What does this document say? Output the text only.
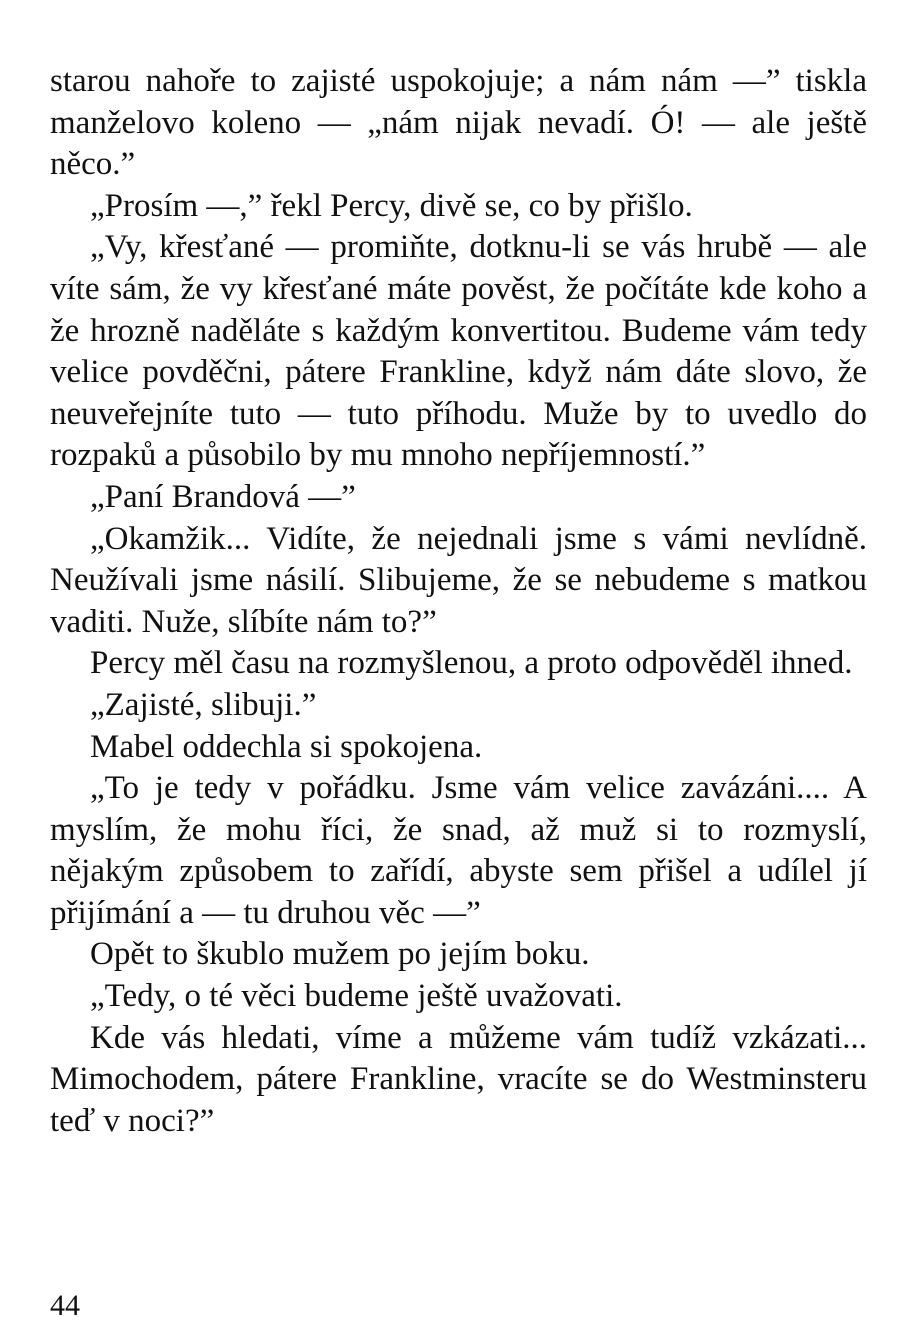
starou nahoře to zajisté uspokojuje; a nám nám —” tiskla manželovo koleno — „nám nijak nevadí. Ó! — ale ještě něco.”

„Prosím —,” řekl Percy, divě se, co by přišlo.

„Vy, křesťané — promiňte, dotknu-li se vás hrubě — ale víte sám, že vy křesťané máte pověst, že počítáte kde koho a že hrozně naděláte s každým konvertitou. Budeme vám tedy velice povděčni, pátere Frankline, když nám dáte slovo, že neuveřejníte tuto — tuto příhodu. Muže by to uvedlo do rozpaků a působilo by mu mnoho nepříjemností.”

„Paní Brandová —”

„Okamžik... Vidíte, že nejednali jsme s vámi nevlídně. Neužívali jsme násilí. Slibujeme, že se nebudeme s matkou vaditi. Nuže, slíbíte nám to?”

Percy měl času na rozmyšlenou, a proto odpověděl ihned.

„Zajisté, slibuji.”

Mabel oddechla si spokojena.

„To je tedy v pořádku. Jsme vám velice zavázáni.... A myslím, že mohu říci, že snad, až muž si to rozmyslí, nějakým způsobem to zařídí, abyste sem přišel a udílel jí přijímání a — tu druhou věc —”

Opět to škublo mužem po jejím boku.

„Tedy, o té věci budeme ještě uvažovati.

Kde vás hledati, víme a můžeme vám tudíž vzkázati... Mimochodem, pátere Frankline, vracíte se do Westminsteru teď v noci?”

44
